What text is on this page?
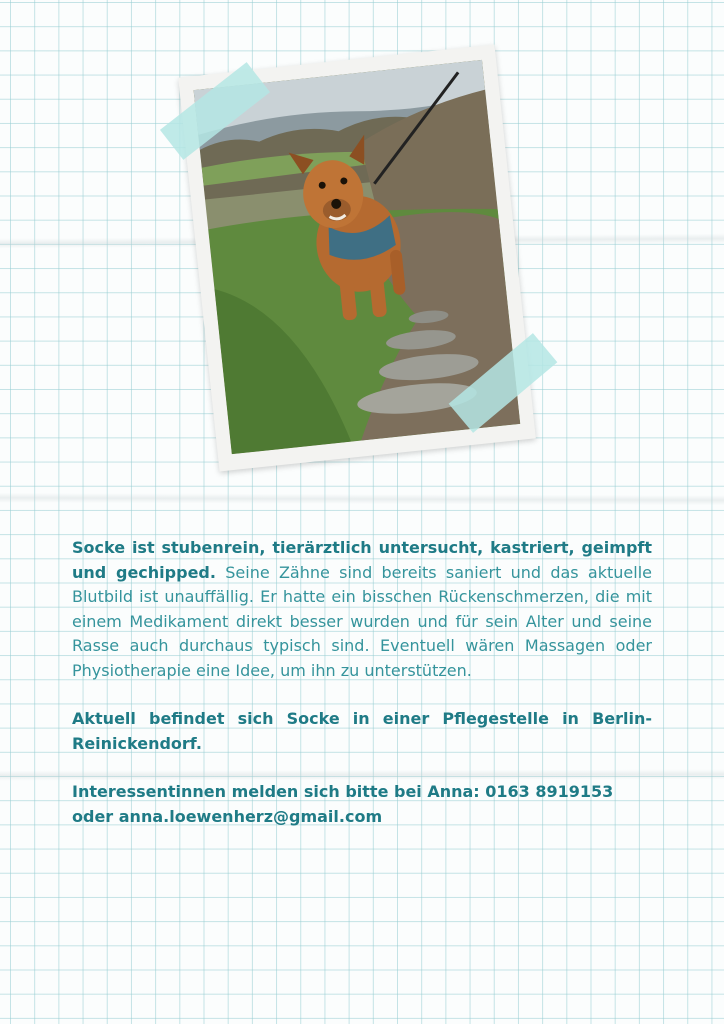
Socke ist stubenrein, tierärztlich untersucht, kastriert, geimpft und gechipped. Seine Zähne sind bereits saniert und das aktuelle Blutbild ist unauffällig. Er hatte ein bisschen Rückenschmerzen, die mit einem Medikament direkt besser wurden und für sein Alter und seine Rasse auch durchaus typisch sind. Eventuell wären Massagen oder Physiotherapie eine Idee, um ihn zu unterstützen.

Aktuell befindet sich Socke in einer Pflegestelle in Berlin-Reinickendorf.

Interessentinnen melden sich bitte bei Anna: 0163 8919153 oder anna.loewenherz@gmail.com
